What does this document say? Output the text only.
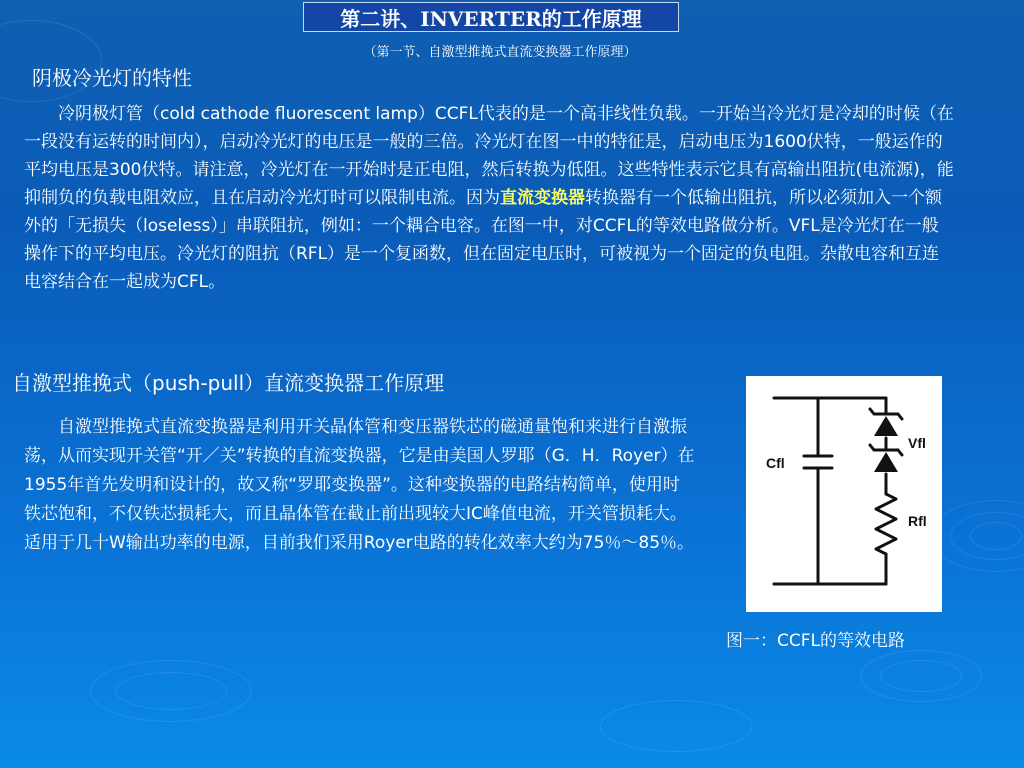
第二讲、INVERTER的工作原理
（第一节、自激型推挽式直流变换器工作原理）
阴极冷光灯的特性

冷阴极灯管（cold cathode fluorescent lamp）CCFL代表的是一个高非线性负载。一开始当冷光灯是冷却的时候（在一段没有运转的时间内），启动冷光灯的电压是一般的三倍。冷光灯在图一中的特征是，启动电压为1600伏特，一般运作的平均电压是300伏特。请注意，冷光灯在一开始时是正电阻，然后转换为低阻。这些特性表示它具有高输出阻抗(电流源)，能抑制负的负载电阻效应，且在启动冷光灯时可以限制电流。因为直流变换器转换器有一个低输出阻抗，所以必须加入一个额外的「无损失（loseless）」串联阻抗，例如：一个耦合电容。在图一中，对CCFL的等效电路做分析。VFL是冷光灯在一般操作下的平均电压。冷光灯的阻抗（RFL）是一个复函数，但在固定电压时，可被视为一个固定的负电阻。杂散电容和互连电容结合在一起成为CFL。

自激型推挽式（push-pull）直流变换器工作原理

自激型推挽式直流变换器是利用开关晶体管和变压器铁芯的磁通量饱和来进行自激振荡，从而实现开关管“开／关”转换的直流变换器，它是由美国人罗耶（G．H．Royer）在1955年首先发明和设计的，故又称“罗耶变换器”。这种变换器的电路结构简单，使用时铁芯饱和，不仅铁芯损耗大，而且晶体管在截止前出现较大IC峰值电流，开关管损耗大。适用于几十W输出功率的电源，目前我们采用Royer电路的转化效率大约为75％～85％。

Cfl
Vfl
Rfl
图一：CCFL的等效电路
